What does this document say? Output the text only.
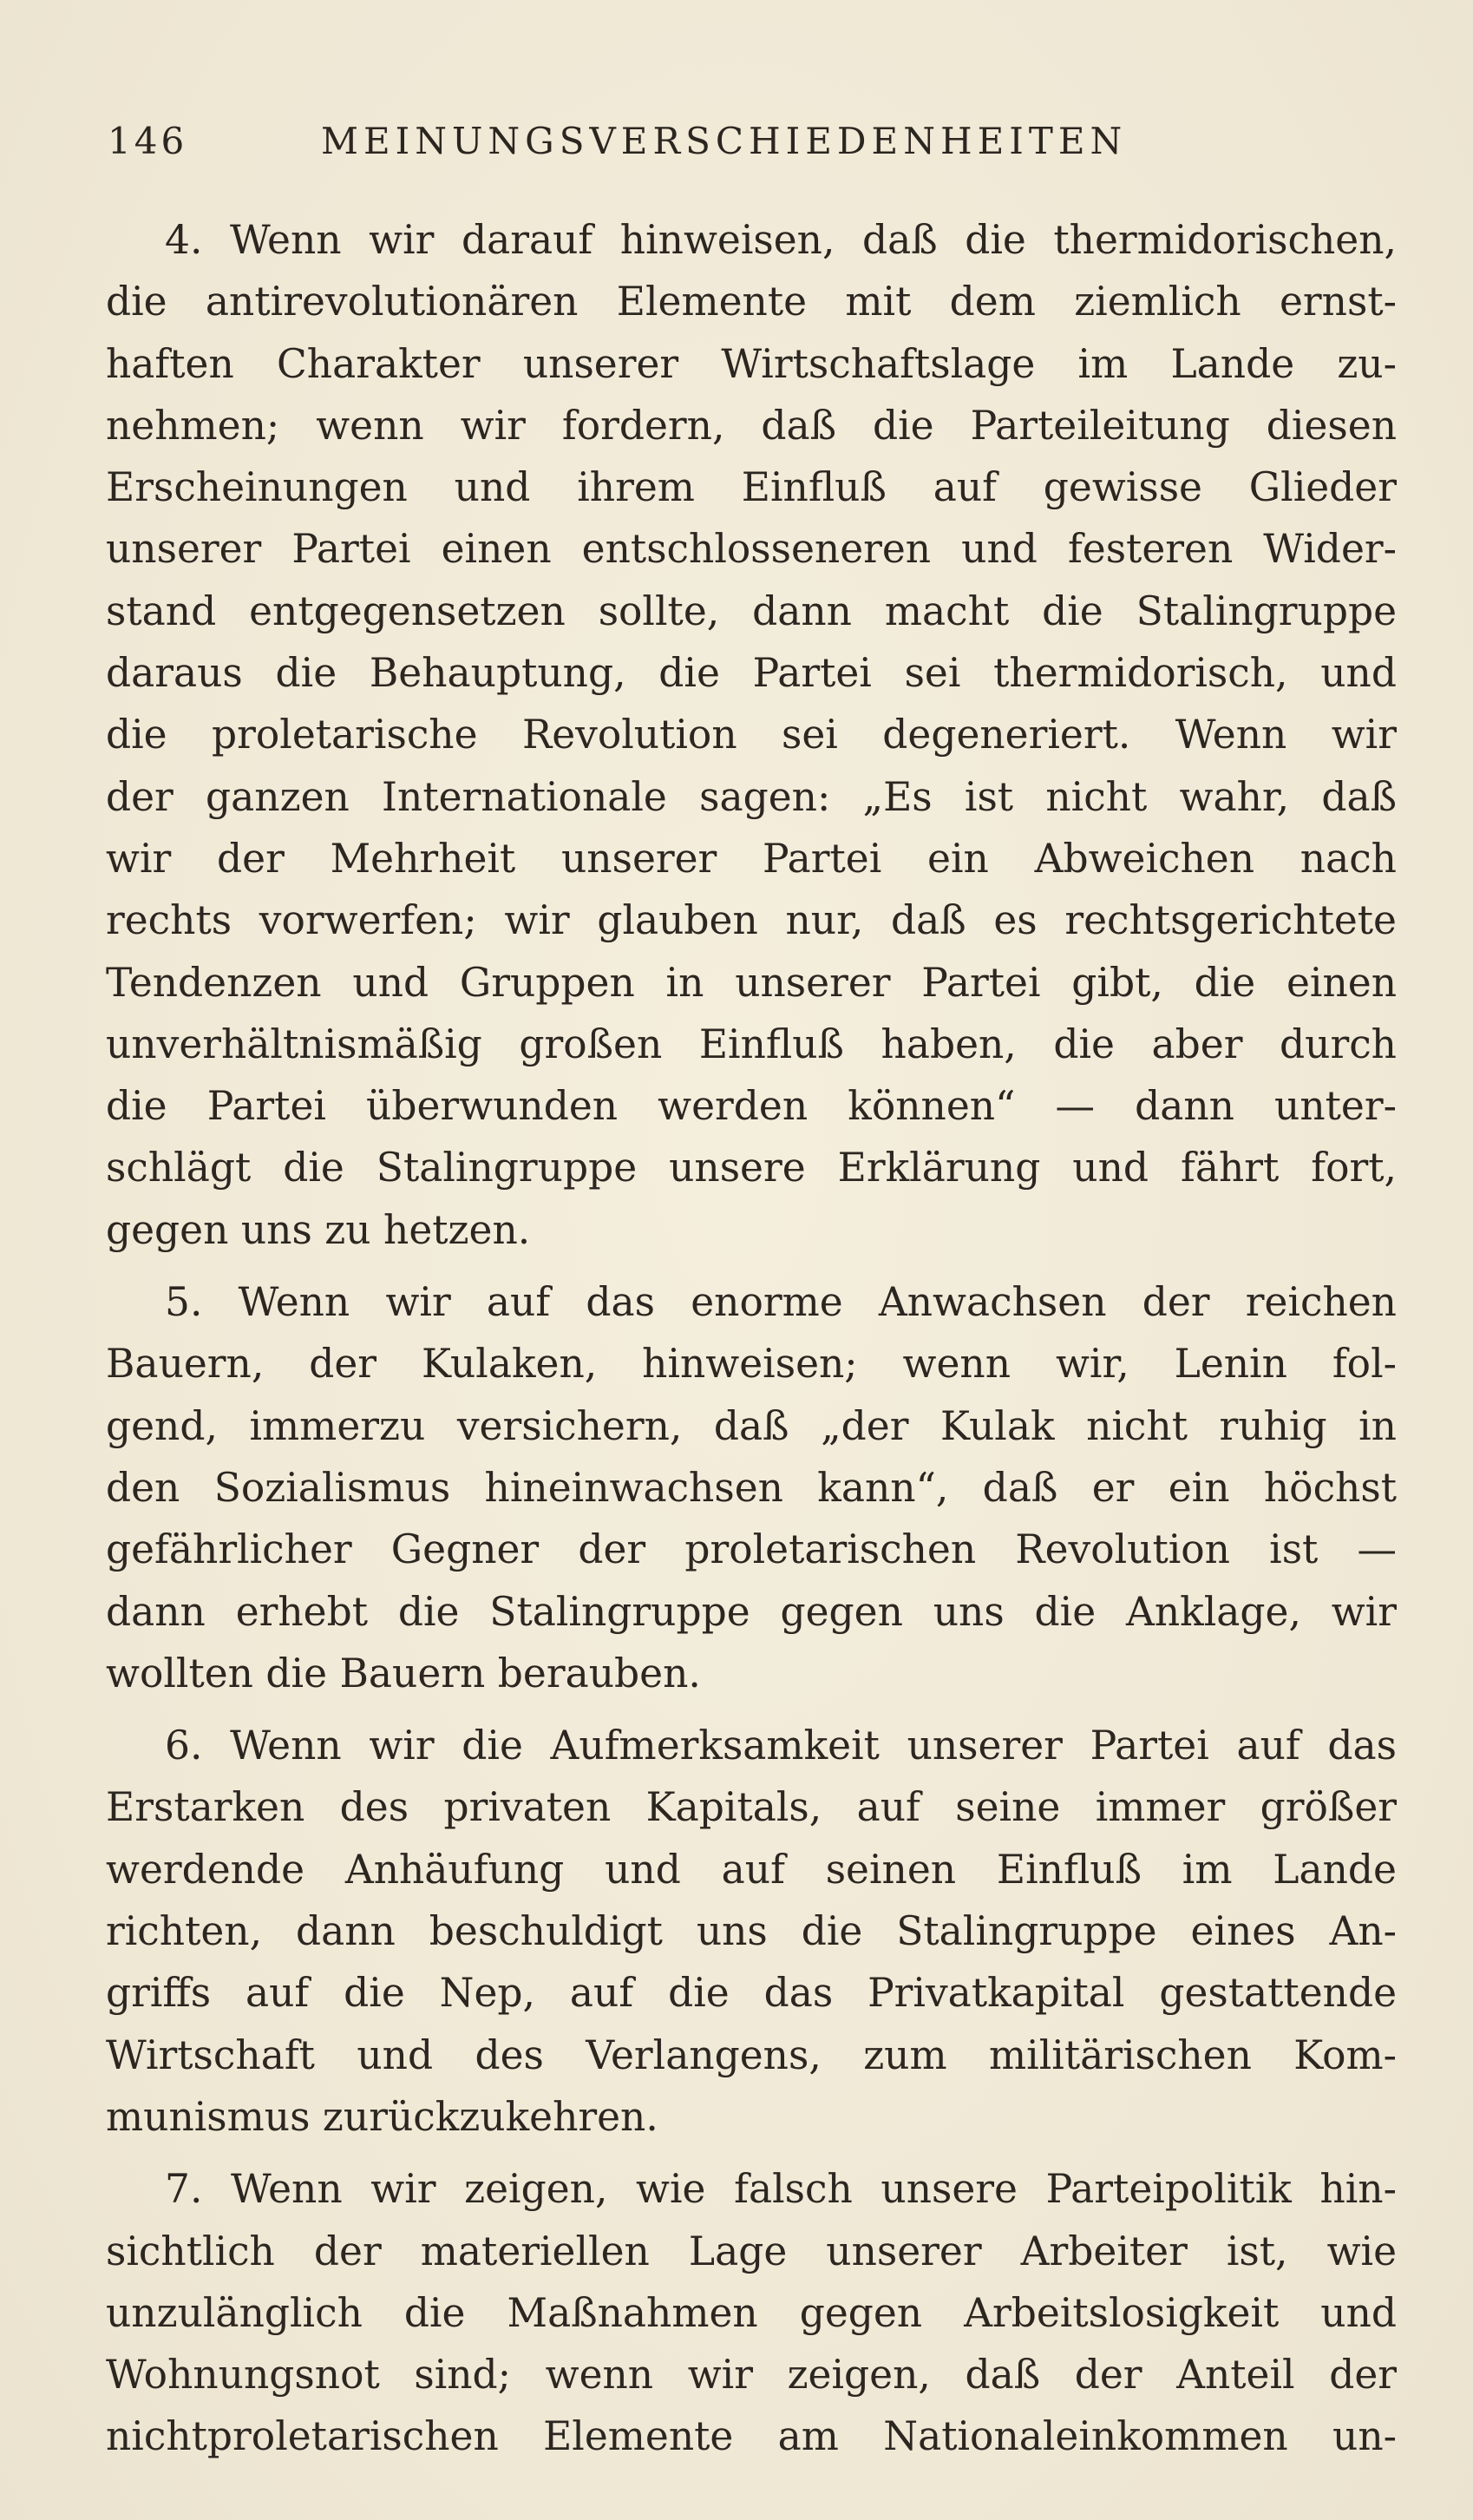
146	MEINUNGSVERSCHIEDENHEITEN
4. Wenn wir darauf hinweisen, daß die thermidorischen,
die antirevolutionären Elemente mit dem ziemlich ernst-
haften Charakter unserer Wirtschaftslage im Lande zu-
nehmen; wenn wir fordern, daß die Parteileitung diesen
Erscheinungen und ihrem Einfluß auf gewisse Glieder
unserer Partei einen entschlosseneren und festeren Wider-
stand entgegensetzen sollte, dann macht die Stalingruppe
daraus die Behauptung, die Partei sei thermidorisch, und
die proletarische Revolution sei degeneriert. Wenn wir
der ganzen Internationale sagen: „Es ist nicht wahr, daß
wir der Mehrheit unserer Partei ein Abweichen nach
rechts vorwerfen; wir glauben nur, daß es rechtsgerichtete
Tendenzen und Gruppen in unserer Partei gibt, die einen
unverhältnismäßig großen Einfluß haben, die aber durch
die Partei überwunden werden können“ — dann unter-
schlägt die Stalingruppe unsere Erklärung und fährt fort,
gegen uns zu hetzen.
5. Wenn wir auf das enorme Anwachsen der reichen
Bauern, der Kulaken, hinweisen; wenn wir, Lenin fol-
gend, immerzu versichern, daß „der Kulak nicht ruhig in
den Sozialismus hineinwachsen kann“, daß er ein höchst
gefährlicher Gegner der proletarischen Revolution ist —
dann erhebt die Stalingruppe gegen uns die Anklage, wir
wollten die Bauern berauben.
6. Wenn wir die Aufmerksamkeit unserer Partei auf das
Erstarken des privaten Kapitals, auf seine immer größer
werdende Anhäufung und auf seinen Einfluß im Lande
richten, dann beschuldigt uns die Stalingruppe eines An-
griffs auf die Nep, auf die das Privatkapital gestattende
Wirtschaft und des Verlangens, zum militärischen Kom-
munismus zurückzukehren.
7. Wenn wir zeigen, wie falsch unsere Parteipolitik hin-
sichtlich der materiellen Lage unserer Arbeiter ist, wie
unzulänglich die Maßnahmen gegen Arbeitslosigkeit und
Wohnungsnot sind; wenn wir zeigen, daß der Anteil der
nichtproletarischen Elemente am Nationaleinkommen un-
